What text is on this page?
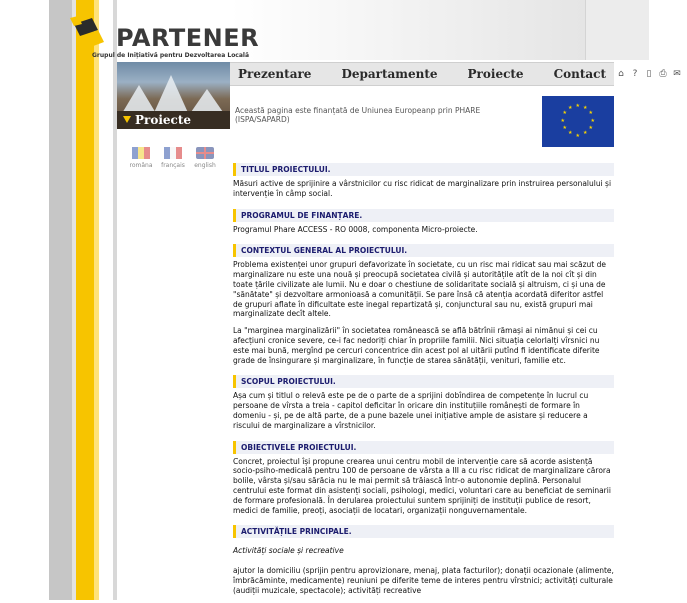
PARTENER
Grupul de Inițiativă pentru Dezvoltarea Locală
Prezentare	Departamente	Proiecte	Contact	⌂ ? ▯ ⎙ ✉
Proiecte
româna	français	english
Această pagina este finanțată de Uniunea Europeanp prin PHARE (ISPA/SAPARD)	★
★
★
★
★
★
★
★
★ ★ ★
★
TITLUL PROIECTULUI.

Măsuri active de sprijinire a vârstnicilor cu risc ridicat de marginalizare prin instruirea personalului și intervenție în câmp social.

PROGRAMUL DE FINANȚARE.

Programul Phare ACCESS - RO 0008, componenta Micro-proiecte.

CONTEXTUL GENERAL AL PROIECTULUI.

Problema existenței unor grupuri defavorizate în societate, cu un risc mai ridicat sau mai scăzut de marginalizare nu este una nouă și preocupă societatea civilă și autoritățile atît de la noi cît și din toate țările civilizate ale lumii. Nu e doar o chestiune de solidaritate socială și altruism, ci și una de "sănătate" și dezvoltare armonioasă a comunității. Se pare însă că atenția acordată diferitor astfel de grupuri aflate în dificultate este inegal repartizată și, conjunctural sau nu, există grupuri mai marginalizate decît altele.

La "marginea marginalizării" în societatea românească se află bătrînii rămași ai nimănui și cei cu afecțiuni cronice severe, ce-i fac nedoriți chiar în propriile familii. Nici situația celorlalți vîrsnici nu este mai bună, mergînd pe cercuri concentrice din acest pol al uitării putînd fi identificate diferite grade de însingurare și marginalizare, în funcție de starea sănătății, venituri, familie etc.

SCOPUL PROIECTULUI.

Așa cum și titlul o relevă este pe de o parte de a sprijini dobîndirea de competențe în lucrul cu persoane de vîrsta a treia - capitol deficitar în oricare din instituțiile românești de formare în domeniu - și, pe de altă parte, de a pune bazele unei inițiative ample de asistare și reducere a riscului de marginalizare a vîrstnicilor.

OBIECTIVELE PROIECTULUI.

Concret, proiectul își propune crearea unui centru mobil de intervenție care să acorde asistență socio-psiho-medicală pentru 100 de persoane de vârsta a III a cu risc ridicat de marginalizare cărora bolile, vârsta și/sau sărăcia nu le mai permit să trăiască într-o autonomie deplină. Personalul centrului este format din asistenți sociali, psihologi, medici, voluntari care au beneficiat de seminarii de formare profesională. În derularea proiectului suntem sprijiniți de instituții publice de resort, medici de familie, preoți, asociații de locatari, organizații nonguvernamentale.

ACTIVITĂȚILE PRINCIPALE.

Activități sociale și recreative

ajutor la domiciliu (sprijin pentru aprovizionare, menaj, plata facturilor); donații ocazionale (alimente, îmbrăcăminte, medicamente) reuniuni pe diferite teme de interes pentru vîrstnici; activități culturale (audiții muzicale, spectacole); activități recreative
